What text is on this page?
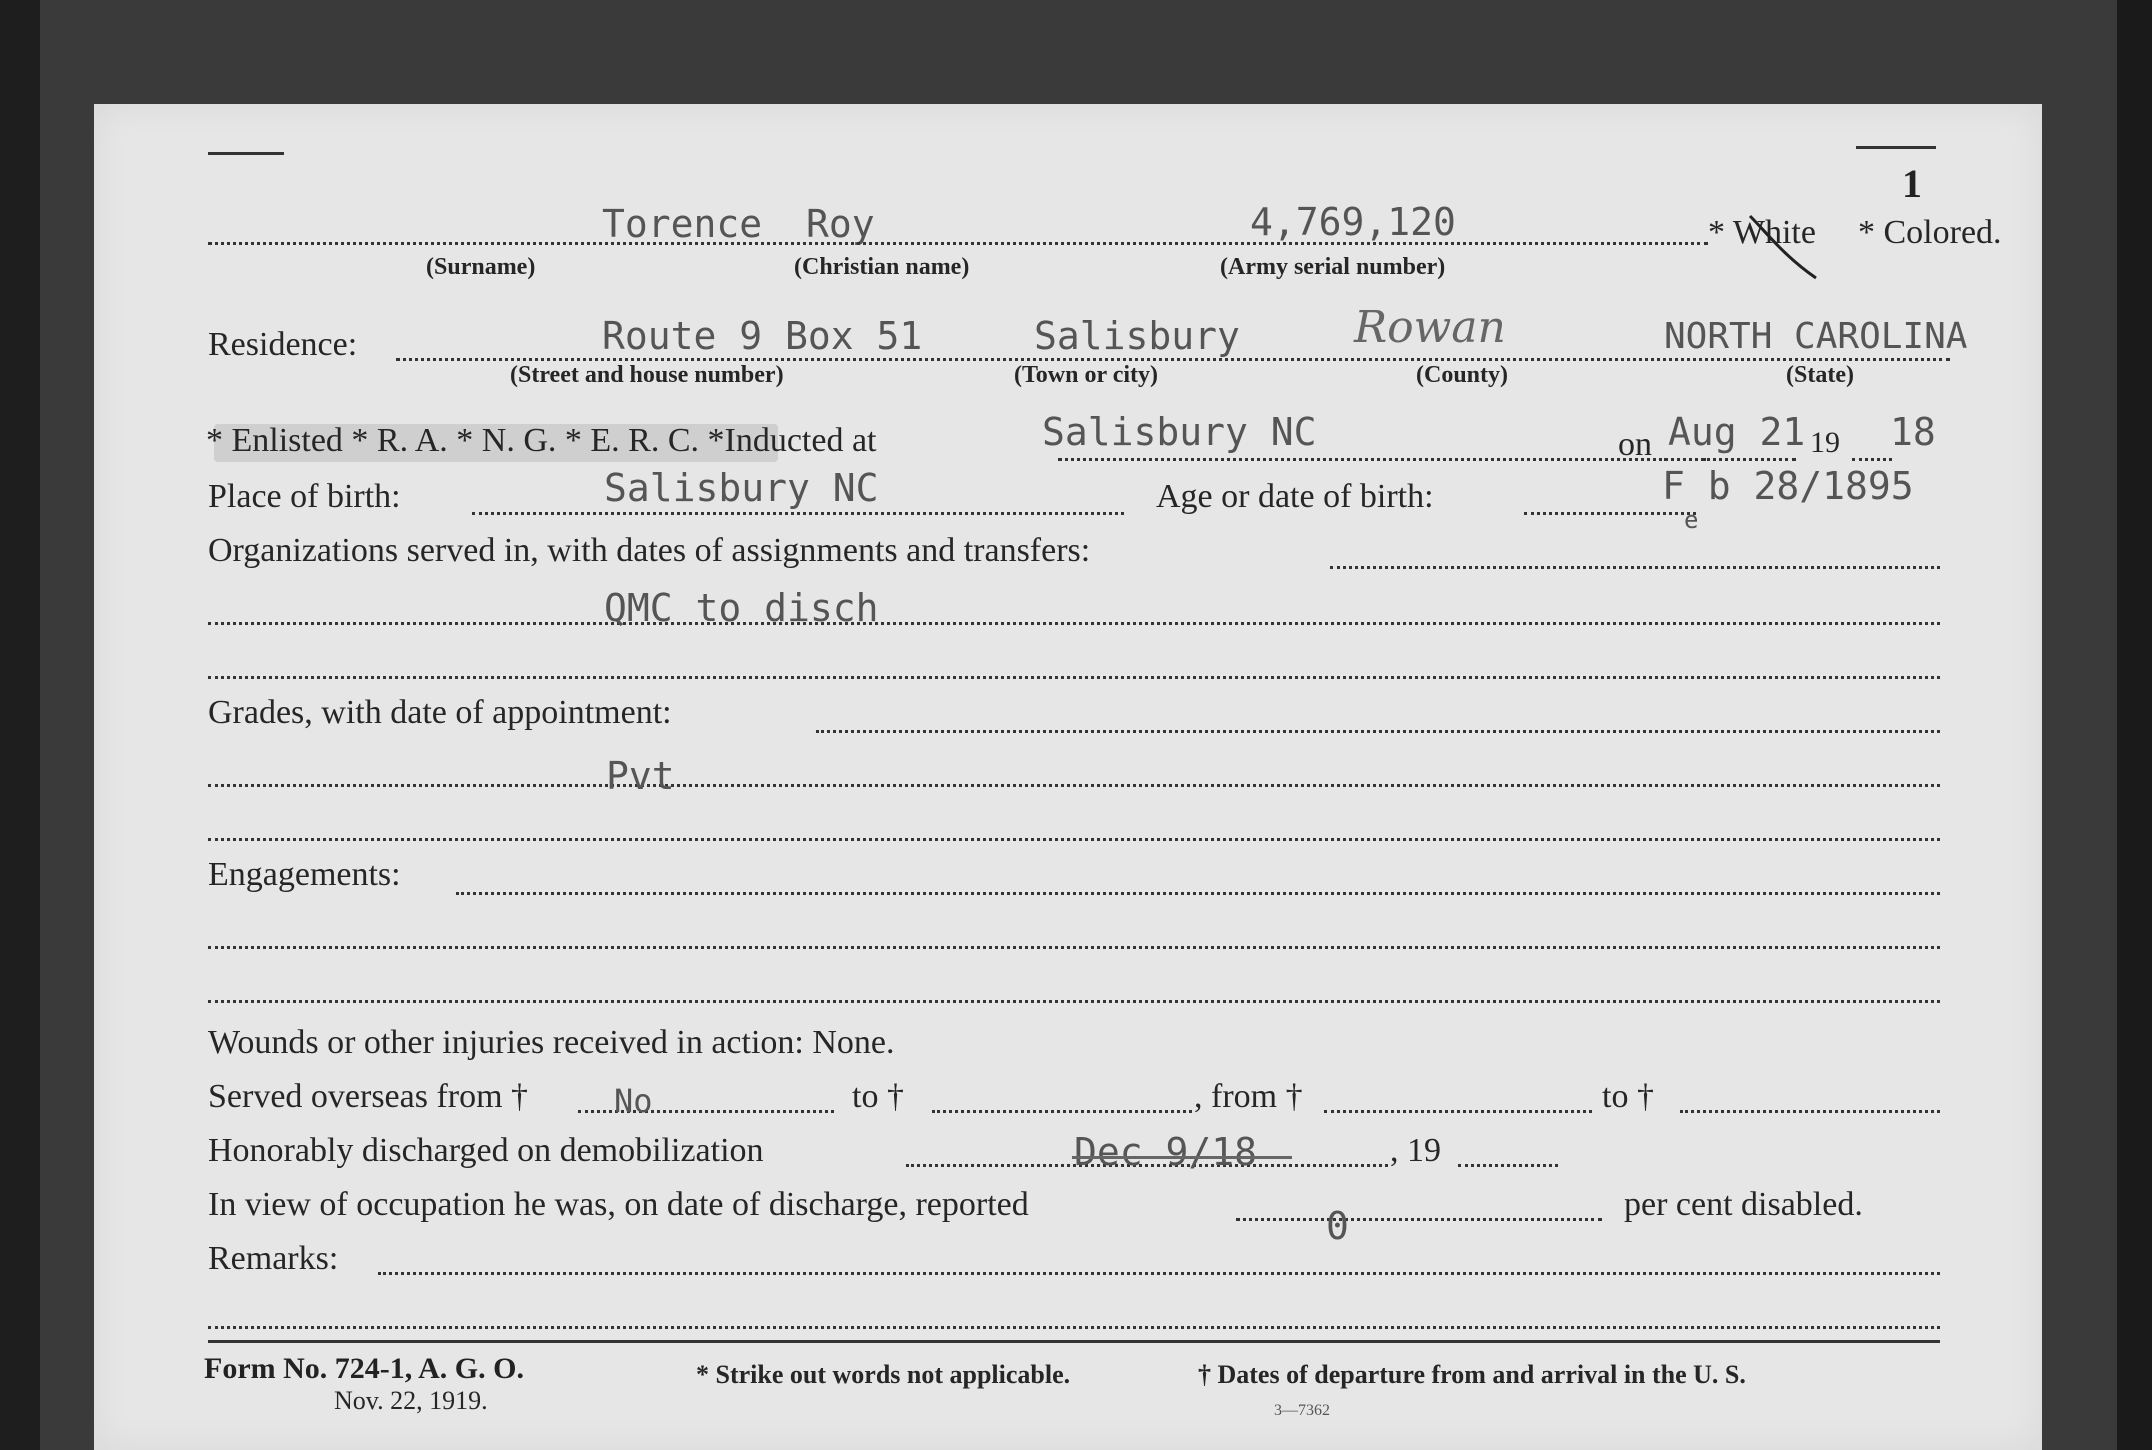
1
Torence Roy	4,769,120	* White * Colored.
(Surname)	(Christian name)	(Army serial number)
Residence:	Route 9 Box 51	Salisbury	Rowan	NORTH CAROLINA
(Street and house number)	(Town or city)	(County)	(State)
* Enlisted * R. A. * N. G. * E. R. C. *Inducted at	Salisbury NC	on Aug 21 19 18
Place of birth:	Salisbury NC	Age or date of birth:	F b 28/1895
e
Organizations served in, with dates of assignments and transfers:
QMC to disch
Grades, with date of appointment:
Pvt
Engagements:
Wounds or other injuries received in action: None.
Served overseas from †	No	to †	, from †	to †
Honorably discharged on demobilization	Dec 9/18	, 19
In view of occupation he was, on date of discharge, reported	0	per cent disabled.
Remarks:
Form No. 724-1, A. G. O.
Nov. 22, 1919.
* Strike out words not applicable.	† Dates of departure from and arrival in the U. S.
3—7362
